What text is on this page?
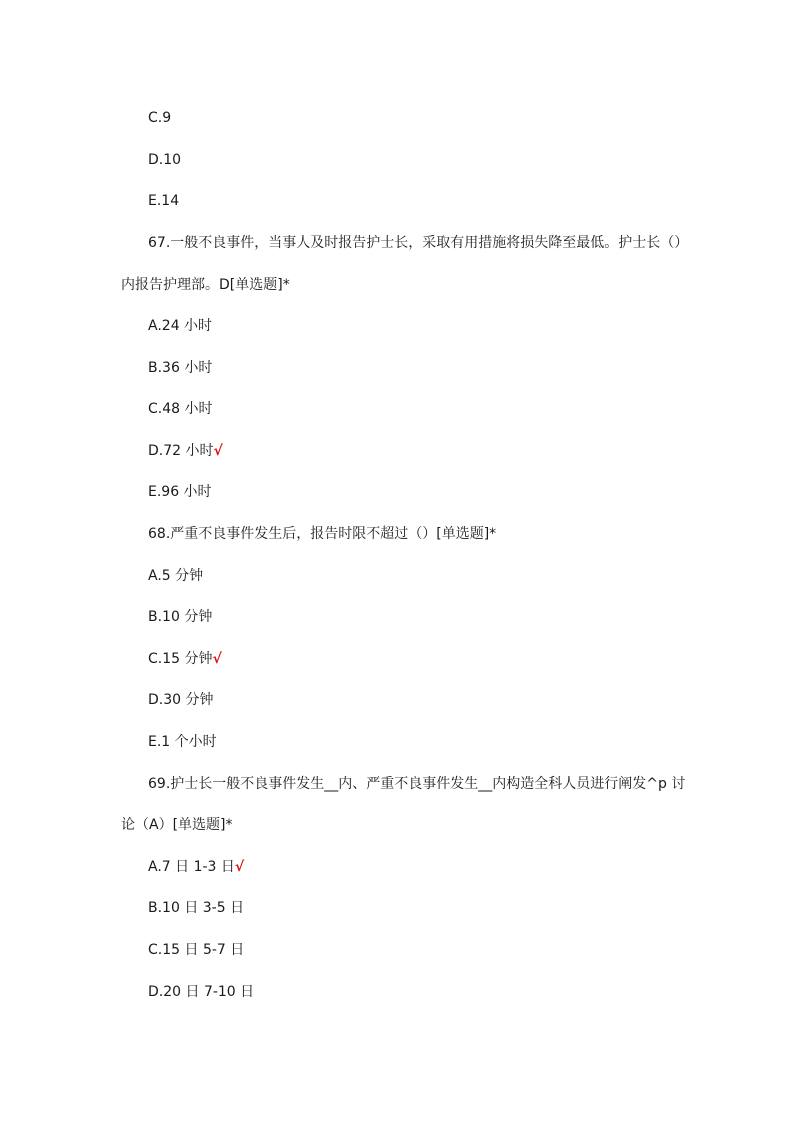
C.9
D.10
E.14
67.一般不良事件，当事人及时报告护士长，采取有用措施将损失降至最低。护士长（）
内报告护理部。D[单选题]*
A.24 小时
B.36 小时
C.48 小时
D.72 小时√
E.96 小时
68.严重不良事件发生后，报告时限不超过（）[单选题]*
A.5 分钟
B.10 分钟
C.15 分钟√
D.30 分钟
E.1 个小时
69.护士长一般不良事件发生__内、严重不良事件发生__内构造全科人员进行阐发^p 讨
论（A）[单选题]*
A.7 日 1-3 日√
B.10 日 3-5 日
C.15 日 5-7 日
D.20 日 7-10 日
